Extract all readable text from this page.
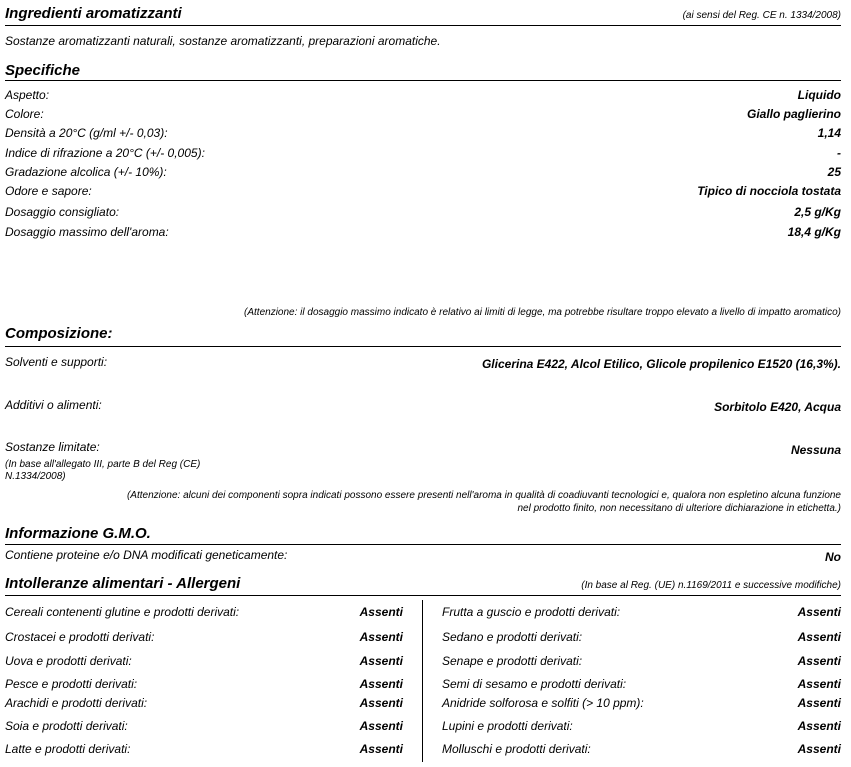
Ingredienti aromatizzanti	(ai sensi del Reg. CE n. 1334/2008)
Sostanze aromatizzanti naturali, sostanze aromatizzanti, preparazioni aromatiche.
Specifiche
Aspetto:	Liquido
Colore:	Giallo paglierino
Densità a 20°C (g/ml +/- 0,03):	1,14
Indice di rifrazione a 20°C (+/- 0,005):	-
Gradazione alcolica (+/- 10%):	25
Odore e sapore:	Tipico di nocciola tostata
Dosaggio consigliato:	2,5 g/Kg
Dosaggio massimo dell'aroma:	18,4 g/Kg
(Attenzione: il dosaggio massimo indicato è relativo ai limiti di legge, ma potrebbe risultare troppo elevato a livello di impatto aromatico)
Composizione:
Solventi e supporti:	Glicerina E422, Alcol Etilico, Glicole propilenico E1520 (16,3%).
Additivi o alimenti:	Sorbitolo E420, Acqua
Sostanze limitate:	Nessuna
(In base all'allegato III, parte B del Reg (CE)
N.1334/2008)
(Attenzione: alcuni dei componenti sopra indicati possono essere presenti nell'aroma in qualità di coadiuvanti tecnologici e, qualora non espletino alcuna funzione
nel prodotto finito, non necessitano di ulteriore dichiarazione in etichetta.)
Informazione G.M.O.
Contiene proteine e/o DNA modificati geneticamente:	No
Intolleranze alimentari - Allergeni	(In base al Reg. (UE) n.1169/2011 e successive modifiche)
Cereali contenenti glutine e prodotti derivati:	Assenti
Crostacei e prodotti derivati:	Assenti
Uova e prodotti derivati:	Assenti
Pesce e prodotti derivati:	Assenti
Arachidi e prodotti derivati:	Assenti
Soia e prodotti derivati:	Assenti
Latte e prodotti derivati:	Assenti
Frutta a guscio e prodotti derivati:	Assenti
Sedano e prodotti derivati:	Assenti
Senape e prodotti derivati:	Assenti
Semi di sesamo e prodotti derivati:	Assenti
Anidride solforosa e solfiti (> 10 ppm):	Assenti
Lupini e prodotti derivati:	Assenti
Molluschi e prodotti derivati:	Assenti
